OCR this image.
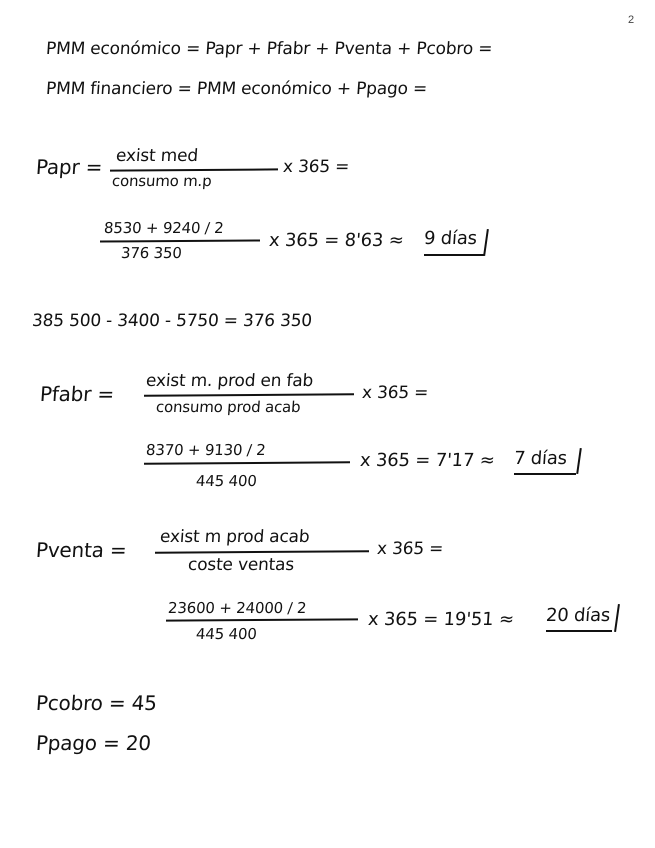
2
PMM económico = Papr + Pfabr + Pventa + Pcobro =
PMM financiero = PMM económico + Ppago =
Papr = exist med
consumo m.p
x 365 =
8530 + 9240 / 2
376 350
x 365 = 8'63 ≈ 9 días
385 500 - 3400 - 5750 = 376 350
Pfabr =
exist m. prod en fab
consumo prod acab
x 365 =
8370 + 9130 / 2
445 400
x 365 = 7'17 ≈ 7 días
Pventa =
exist m prod acab
coste ventas
x 365 =
23600 + 24000 / 2
445 400
x 365 = 19'51 ≈ 20 días
Pcobro = 45
Ppago = 20
